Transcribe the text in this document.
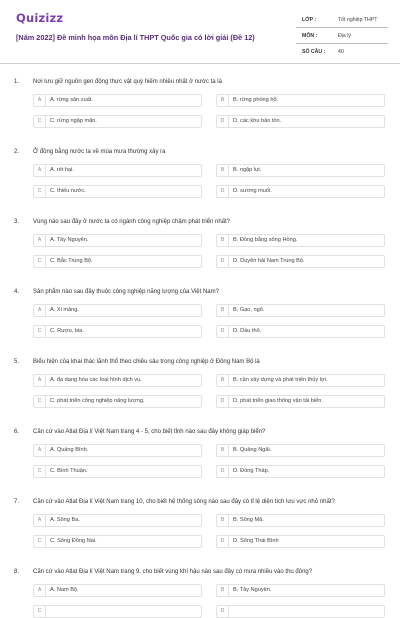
Quizizz
[Năm 2022] Đề minh họa môn Địa lí THPT Quốc gia có lời giải (Đề 12)
LỚP :	Tốt nghiệp THPT
MÔN :	Địa lý
SỐ CÂU : 40
1. Nơi lưu giữ nguồn gen động thực vật quý hiếm nhiều nhất ở nước ta là
A	A. rừng sản xuất.	B	B. rừng phòng hộ.
C	C. rừng ngập mặn.	D	D. các khu bảo tồn.
2. Ở đồng bằng nước ta về mùa mưa thường xảy ra
A	A. rét hại.	B	B. ngập lụt.
C	C. thiếu nước.	D	D. sương muối.
3. Vùng nào sau đây ở nước ta có ngành công nghiệp chậm phát triển nhất?
A	A. Tây Nguyên.	B	B. Đồng bằng sông Hồng.
C	C. Bắc Trung Bộ.	D	D. Duyên hải Nam Trung Bộ.
4. Sản phẩm nào sau đây thuộc công nghiệp năng lượng của Việt Nam?
A	A. Xi măng.	B	B. Gạo, ngô.
C	C. Rượu, bia.	D	D. Dầu thô.
5. Biểu hiện của khai thác lãnh thổ theo chiều sâu trong công nghiệp ở Đông Nam Bộ là
A	A. đa dạng hóa các loại hình dịch vụ.	B	B. cần xây dựng và phát triển thủy lợi.
C	C. phát triển công nghiệp năng lượng.	D	D. phát triển giao thông vận tải biển.
6. Căn cứ vào Atlat Địa lí Việt Nam trang 4 - 5, cho biết tỉnh nào sau đây không giáp biển?
A	A. Quảng Bình.	B	B. Quảng Ngãi.
C	C. Bình Thuận.	D	D. Đồng Tháp.
7. Căn cứ vào Atlat Địa lí Việt Nam trang 10, cho biết hệ thống sông nào sau đây có tỉ lệ diện tích lưu vực nhỏ nhất?
A	A. Sông Ba.	B	B. Sông Mã.
C	C. Sông Đồng Nai.	D	D. Sông Thái Bình
8. Căn cứ vào Atlat Địa lí Việt Nam trang 9, cho biết vùng khí hậu nào sau đây có mưa nhiều vào thu đông?
A	A. Nam Bộ.	B	B. Tây Nguyên.
C	D
